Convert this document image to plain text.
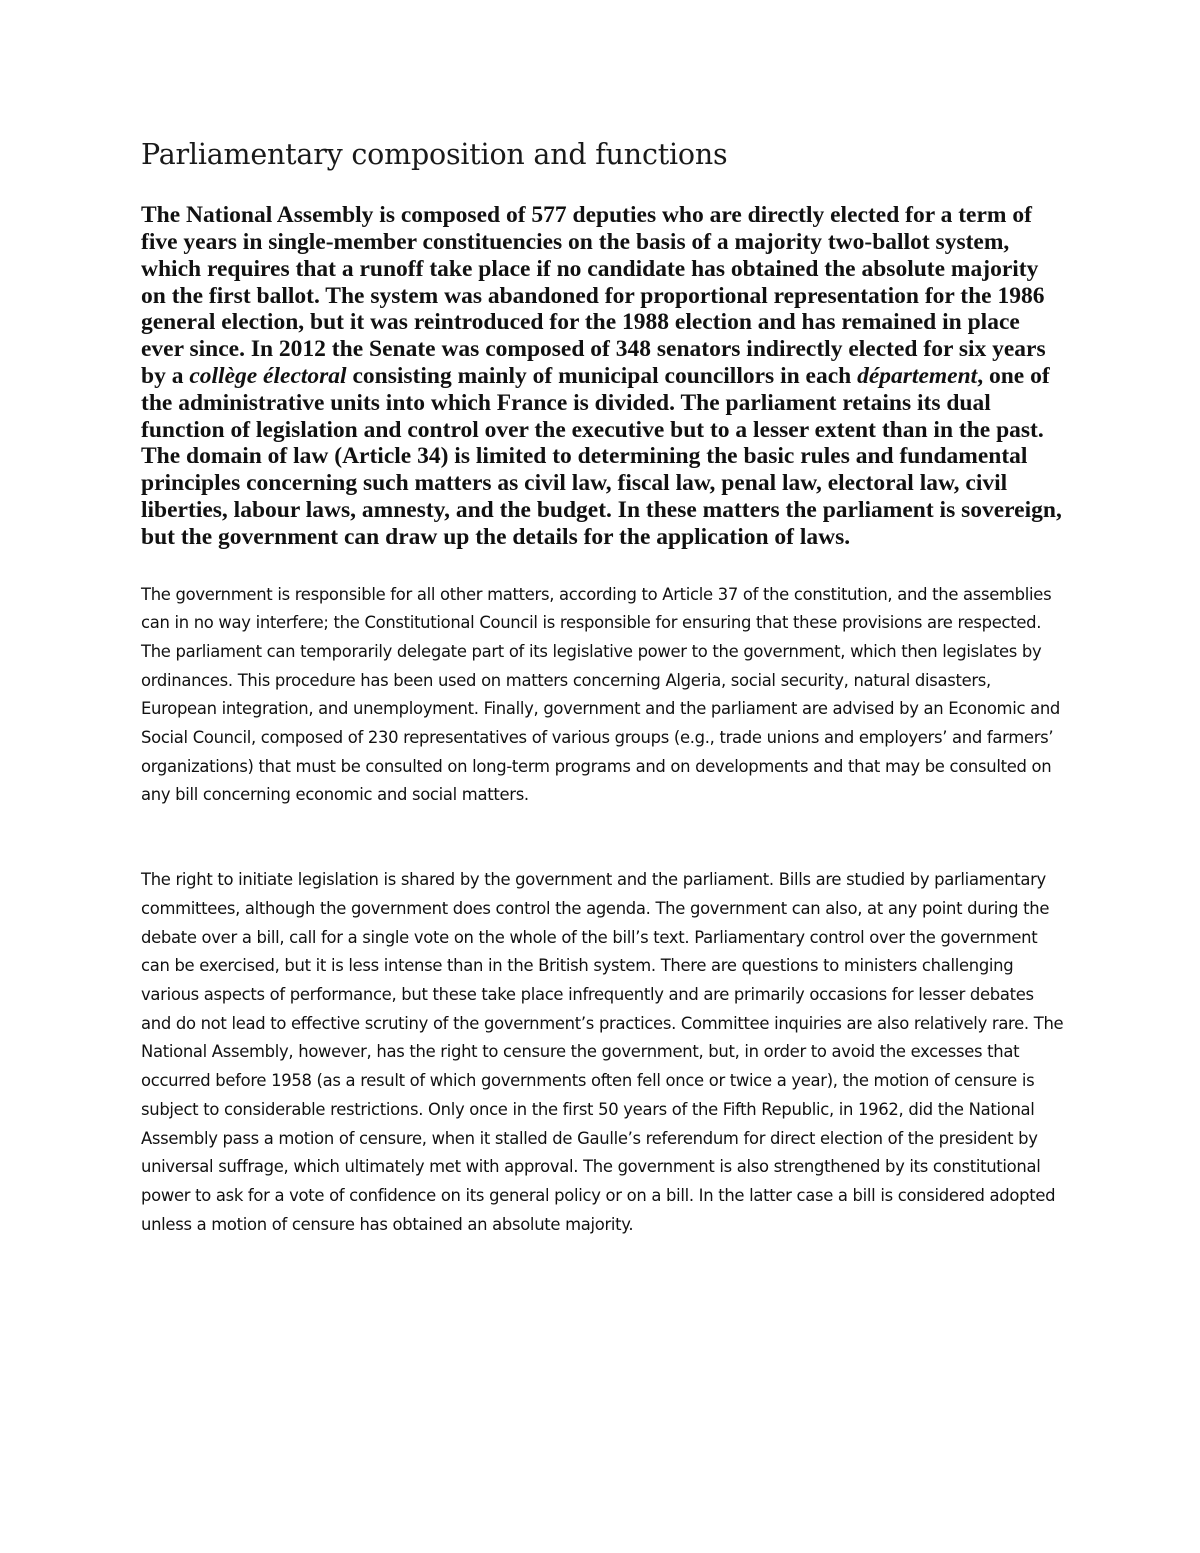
Parliamentary composition and functions

The National Assembly is composed of 577 deputies who are directly elected for a term of five years in single-member constituencies on the basis of a majority two-ballot system, which requires that a runoff take place if no candidate has obtained the absolute majority on the first ballot. The system was abandoned for proportional representation for the 1986 general election, but it was reintroduced for the 1988 election and has remained in place ever since. In 2012 the Senate was composed of 348 senators indirectly elected for six years by a collège électoral consisting mainly of municipal councillors in each département, one of the administrative units into which France is divided. The parliament retains its dual function of legislation and control over the executive but to a lesser extent than in the past. The domain of law (Article 34) is limited to determining the basic rules and fundamental principles concerning such matters as civil law, fiscal law, penal law, electoral law, civil liberties, labour laws, amnesty, and the budget. In these matters the parliament is sovereign, but the government can draw up the details for the application of laws.

The government is responsible for all other matters, according to Article 37 of the constitution, and the assemblies can in no way interfere; the Constitutional Council is responsible for ensuring that these provisions are respected. The parliament can temporarily delegate part of its legislative power to the government, which then legislates by ordinances. This procedure has been used on matters concerning Algeria, social security, natural disasters, European integration, and unemployment. Finally, government and the parliament are advised by an Economic and Social Council, composed of 230 representatives of various groups (e.g., trade unions and employers’ and farmers’ organizations) that must be consulted on long-term programs and on developments and that may be consulted on any bill concerning economic and social matters.

The right to initiate legislation is shared by the government and the parliament. Bills are studied by parliamentary committees, although the government does control the agenda. The government can also, at any point during the debate over a bill, call for a single vote on the whole of the bill’s text. Parliamentary control over the government can be exercised, but it is less intense than in the British system. There are questions to ministers challenging various aspects of performance, but these take place infrequently and are primarily occasions for lesser debates and do not lead to effective scrutiny of the government’s practices. Committee inquiries are also relatively rare. The National Assembly, however, has the right to censure the government, but, in order to avoid the excesses that occurred before 1958 (as a result of which governments often fell once or twice a year), the motion of censure is subject to considerable restrictions. Only once in the first 50 years of the Fifth Republic, in 1962, did the National Assembly pass a motion of censure, when it stalled de Gaulle’s referendum for direct election of the president by universal suffrage, which ultimately met with approval. The government is also strengthened by its constitutional power to ask for a vote of confidence on its general policy or on a bill. In the latter case a bill is considered adopted unless a motion of censure has obtained an absolute majority.
